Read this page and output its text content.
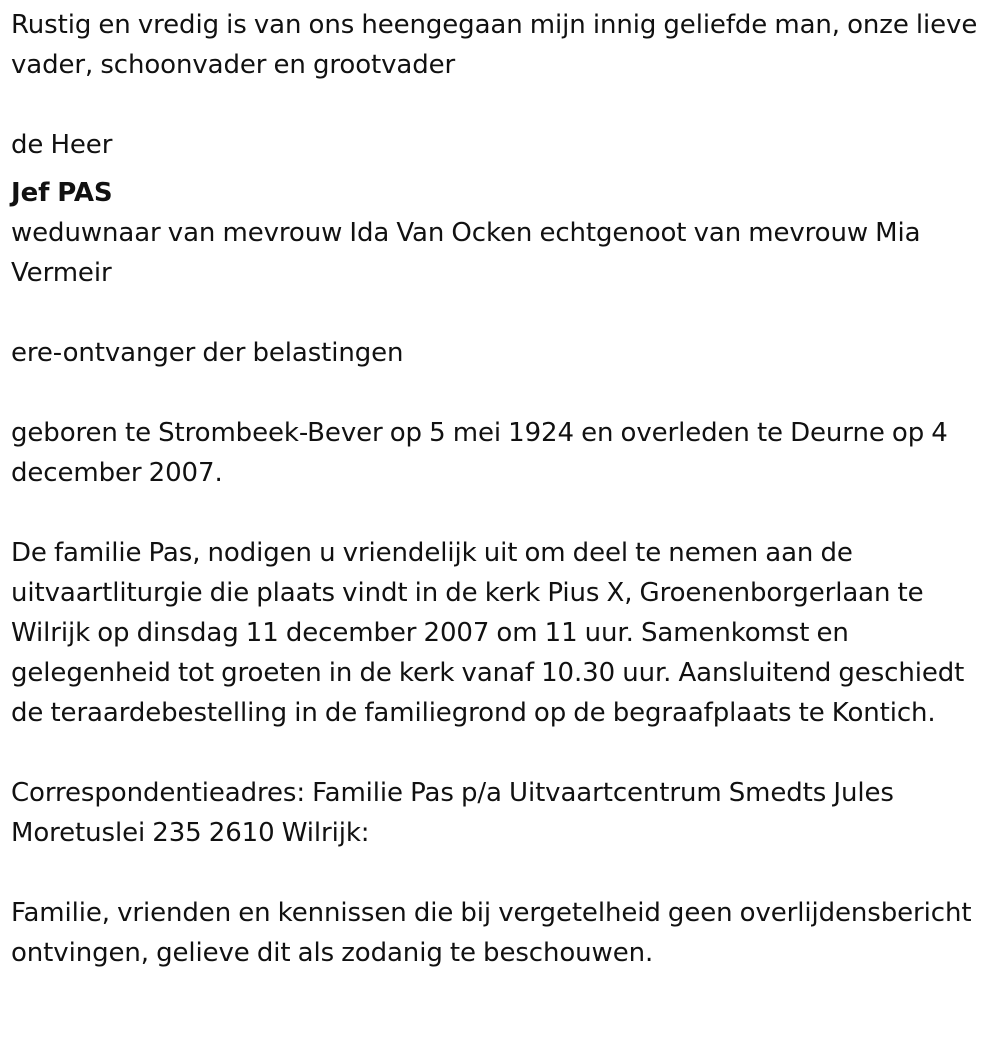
Rustig en vredig is van ons heengegaan mijn innig geliefde man, onze lieve vader, schoonvader en grootvader

de Heer

Jef PAS

weduwnaar van mevrouw Ida Van Ocken echtgenoot van mevrouw Mia Vermeir

ere-ontvanger der belastingen

geboren te Strombeek-Bever op 5 mei 1924 en overleden te Deurne op 4 december 2007.

De familie Pas, nodigen u vriendelijk uit om deel te nemen aan de uitvaartliturgie die plaats vindt in de kerk Pius X, Groenenborgerlaan te Wilrijk op dinsdag 11 december 2007 om 11 uur. Samenkomst en gelegenheid tot groeten in de kerk vanaf 10.30 uur. Aansluitend geschiedt de teraardebestelling in de familiegrond op de begraafplaats te Kontich.

Correspondentieadres: Familie Pas p/a Uitvaartcentrum Smedts Jules Moretuslei 235 2610 Wilrijk:

Familie, vrienden en kennissen die bij vergetelheid geen overlijdensbericht ontvingen, gelieve dit als zodanig te beschouwen.
